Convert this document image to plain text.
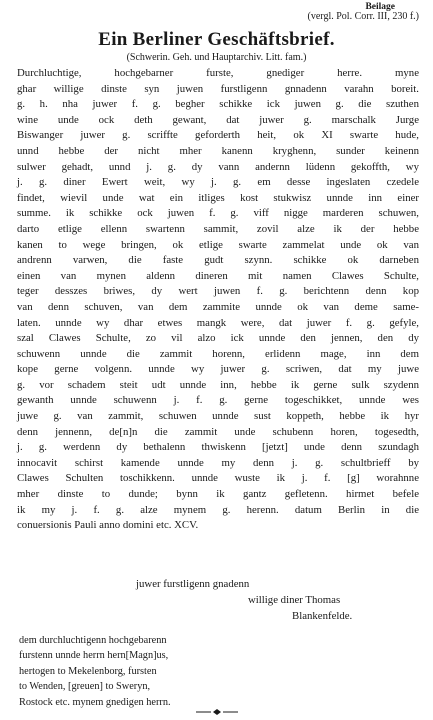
Beilage
(vergl. Pol. Corr. III, 230 f.)
Ein Berliner Geschäftsbrief.
(Schwerin. Geh. und Hauptarchiv. Litt. fam.)
Durchluchtige, hochgebarner furste, gnediger herre. myne
ghar willige dinste syn juwen furstligenn gnnadenn varahn boreit.
g. h. nha juwer f. g. begher schikke ick juwen g. die szuthen
wine unde ock deth gewant, dat juwer g. marschalk Jurge
Biswanger juwer g. scriffte geforderth heit, ok XI swarte hude,
unnd hebbe der nicht mher kanenn kryghenn, sunder keinenn
sulwer gehadt, unnd j. g. dy vann andernn lüdenn gekoffth, wy
j. g. diner Ewert weit, wy j. g. em desse ingeslaten czedele
findet, wievil unde wat ein itliges kost stukwisz unnde inn einer
summe. ik schikke ock juwen f. g. viff nigge marderen schuwen,
darto etlige ellenn swartenn sammit, zovil alze ik der hebbe
kanen to wege bringen, ok etlige swarte zammelat unde ok van
andrenn varwen, die faste gudt szynn. schikke ok darneben
einen van mynen aldenn dineren mit namen Clawes Schulte,
teger desszes briwes, dy wert juwen f. g. berichtenn denn kop
van denn schuven, van dem zammite unnde ok van deme same-
laten. unnde wy dhar etwes mangk were, dat juwer f. g. gefyle,
szal Clawes Schulte, zo vil alzo ick unnde den jennen, den dy
schuwenn unnde die zammit horenn, erlidenn mage, inn dem
kope gerne volgenn. unnde wy juwer g. scriwen, dat my juwe
g. vor schadem steit udt unnde inn, hebbe ik gerne sulk szydenn
gewanth unnde schuwenn j. f. g. gerne togeschikket, unnde wes
juwe g. van zammit, schuwen unnde sust koppeth, hebbe ik hyr
denn jennenn, de[n]n die zammit unde schubenn horen, togesedth,
j. g. werdenn dy bethalenn thwiskenn [jetzt] unde denn szundagh
innocavit schirst kamende unnde my denn j. g. schultbrieff by
Clawes Schulten toschikkenn. unnde wuste ik j. f. [g] worahnne
mher dinste to dunde; bynn ik gantz gefletenn. hirmet befele
ik my j. f. g. alze mynem g. herenn. datum Berlin in die
conuersionis Pauli anno domini etc. XCV.
juwer furstligenn gnadenn
willige diner Thomas
Blankenfelde.
dem durchluchtigenn hochgebarenn
furstenn unnde herrn hern[Magn]us,
hertogen to Mekelenborg, fursten
to Wenden, [greuen] to Sweryn,
Rostock etc. mynem gnedigen herrn.
